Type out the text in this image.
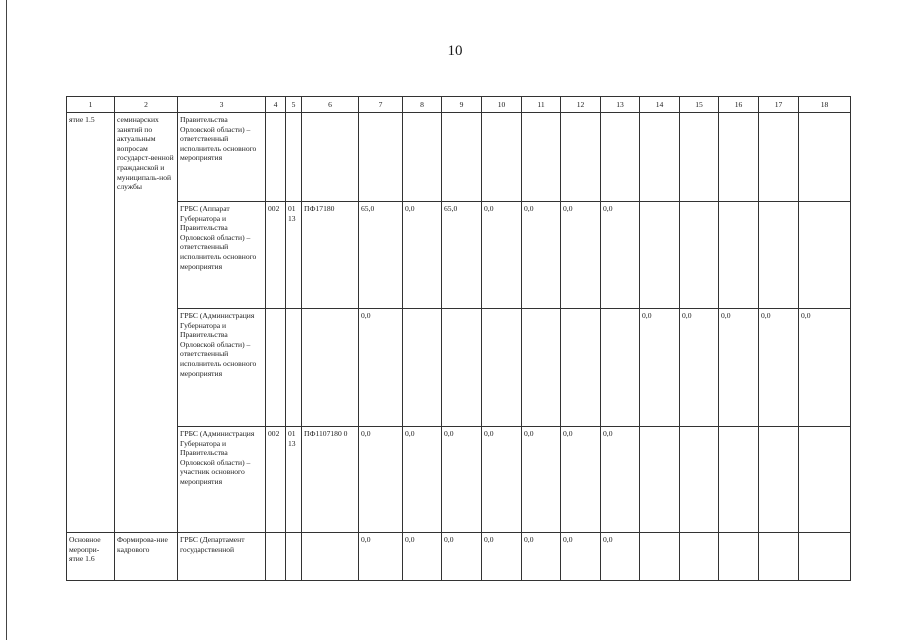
10
1	2	3	4	5	6	7	8	9	10	11	12	13	14	15	16	17	18
ятие 1.5	семинарских занятий по актуальным вопросам государст-венной гражданской и муниципаль-ной службы	Правительства Орловской области) – ответственный исполнитель основного мероприятия															
		ГРБС (Аппарат Губернатора и Правительства Орловской области) – ответственный исполнитель основного мероприятия	002	01 13	ПФ17180	65,0	0,0	65,0	0,0	0,0	0,0	0,0					
		ГРБС (Администрация Губернатора и Правительства Орловской области) – ответственный исполнитель основного мероприятия				0,0							0,0	0,0	0,0	0,0	0,0
		ГРБС (Администрация Губернатора и Правительства Орловской области) – участник основного мероприятия	002	01 13	ПФ1107180 0	0,0	0,0	0,0	0,0	0,0	0,0	0,0					
Основное меропри-ятие 1.6	Формирова-ние кадрового	ГРБС (Департамент государственной				0,0	0,0	0,0	0,0	0,0	0,0	0,0					
